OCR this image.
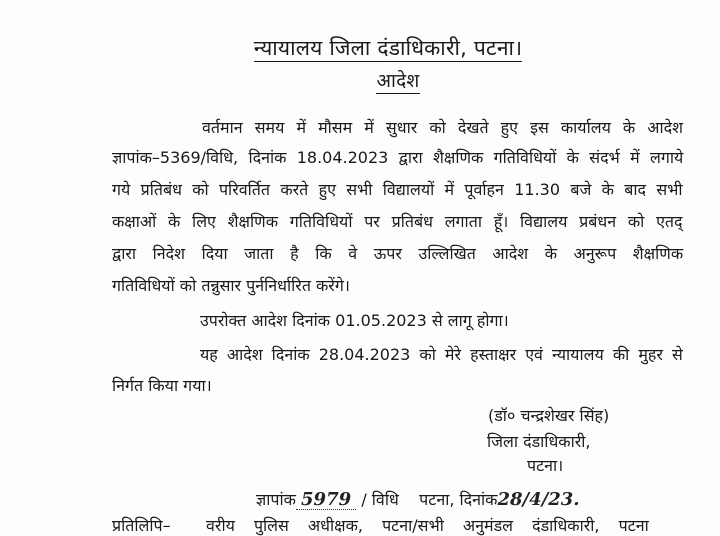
न्यायालय जिला दंडाधिकारी, पटना।
आदेश
वर्तमान समय में मौसम में सुधार को देखते हुए इस कार्यालय के आदेश
ज्ञापांक–5369/विधि, दिनांक 18.04.2023 द्वारा शैक्षणिक गतिविधियों के संदर्भ में लगाये
गये प्रतिबंध को परिवर्तित करते हुए सभी विद्यालयों में पूर्वाहन 11.30 बजे के बाद सभी
कक्षाओं के लिए शैक्षणिक गतिविधियों पर प्रतिबंध लगाता हूँ। विद्यालय प्रबंधन को एतद्
द्वारा निदेश दिया जाता है कि वे ऊपर उल्लिखित आदेश के अनुरूप शैक्षणिक
गतिविधियों को तन्नुसार पुर्ननिर्धारित करेंगे।
उपरोक्त आदेश दिनांक 01.05.2023 से लागू होगा।
यह आदेश दिनांक 28.04.2023 को मेरे हस्ताक्षर एवं न्यायालय की मुहर से
निर्गत किया गया।
(डॉ० चन्द्रशेखर सिंह)
जिला दंडाधिकारी,
पटना।
ज्ञापांक 5979 / विधि पटना, दिनांक28/4/23.
प्रतिलिपि– वरीय पुलिस अधीक्षक, पटना/सभी अनुमंडल दंडाधिकारी, पटना
